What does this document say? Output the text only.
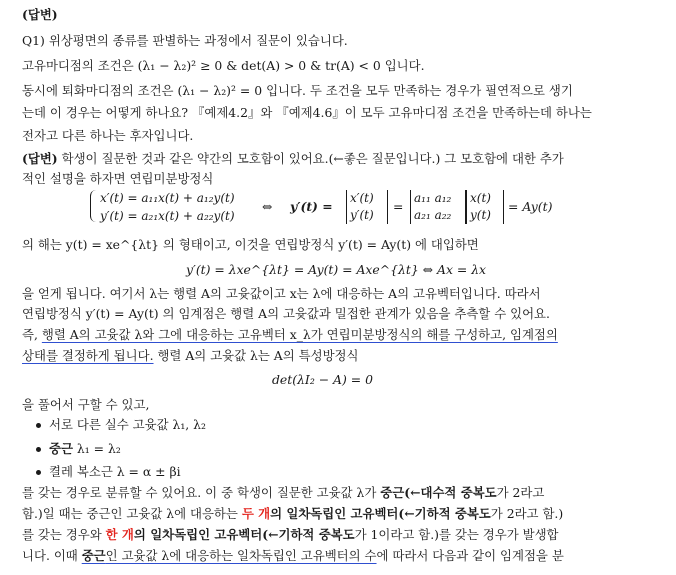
(답변)
Q1) 위상평면의 종류를 판별하는 과정에서 질문이 있습니다.
고유마디점의 조건은 (λ₁ − λ₂)² ≥ 0 & det(A) > 0 & tr(A) < 0 입니다.
동시에 퇴화마디점의 조건은 (λ₁ − λ₂)² = 0 입니다. 두 조건을 모두 만족하는 경우가 필연적으로 생기
는데 이 경우는 어떻게 하나요? 『예제4.2』와 『예제4.6』이 모두 고유마디점 조건을 만족하는데 하나는
전자고 다른 하나는 후자입니다.
(답변) 학생이 질문한 것과 같은 약간의 모호함이 있어요.(←좋은 질문입니다.) 그 모호함에 대한 추가
적인 설명을 하자면 연립미분방정식
x′(t) = a₁₁x(t) + a₁₂y(t)
y′(t) = a₂₁x(t) + a₂₂y(t)
⇔ y′(t) =
x′(t)
y′(t)
=
a₁₁ a₁₂
a₂₁ a₂₂
x(t)
y(t)
= Ay(t)
의 해는 y(t) = xe^{λt} 의 형태이고, 이것을 연립방정식 y′(t) = Ay(t) 에 대입하면
y′(t) = λxe^{λt} = Ay(t) = Axe^{λt} ⇔ Ax = λx
을 얻게 됩니다. 여기서 λ는 행렬 A의 고윳값이고 x는 λ에 대응하는 A의 고유벡터입니다. 따라서
연립방정식 y′(t) = Ay(t) 의 임계점은 행렬 A의 고윳값과 밀접한 관계가 있음을 추측할 수 있어요.
즉, 행렬 A의 고윳값 λ와 그에 대응하는 고유벡터 x_λ가 연립미분방정식의 해를 구성하고, 임계점의
상태를 결정하게 됩니다. 행렬 A의 고윳값 λ는 A의 특성방정식
det(λI₂ − A) = 0
을 풀어서 구할 수 있고,
서로 다른 실수 고윳값 λ₁, λ₂
중근 λ₁ = λ₂
켤레 복소근 λ = α ± βi
를 갖는 경우로 분류할 수 있어요. 이 중 학생이 질문한 고윳값 λ가 중근(←대수적 중복도가 2라고
함.)일 때는 중근인 고윳값 λ에 대응하는 두 개의 일차독립인 고유벡터(←기하적 중복도가 2라고 함.)
를 갖는 경우와 한 개의 일차독립인 고유벡터(←기하적 중복도가 1이라고 함.)를 갖는 경우가 발생합
니다. 이때 중근인 고윳값 λ에 대응하는 일차독립인 고유벡터의 수에 따라서 다음과 같이 임계점을 분
